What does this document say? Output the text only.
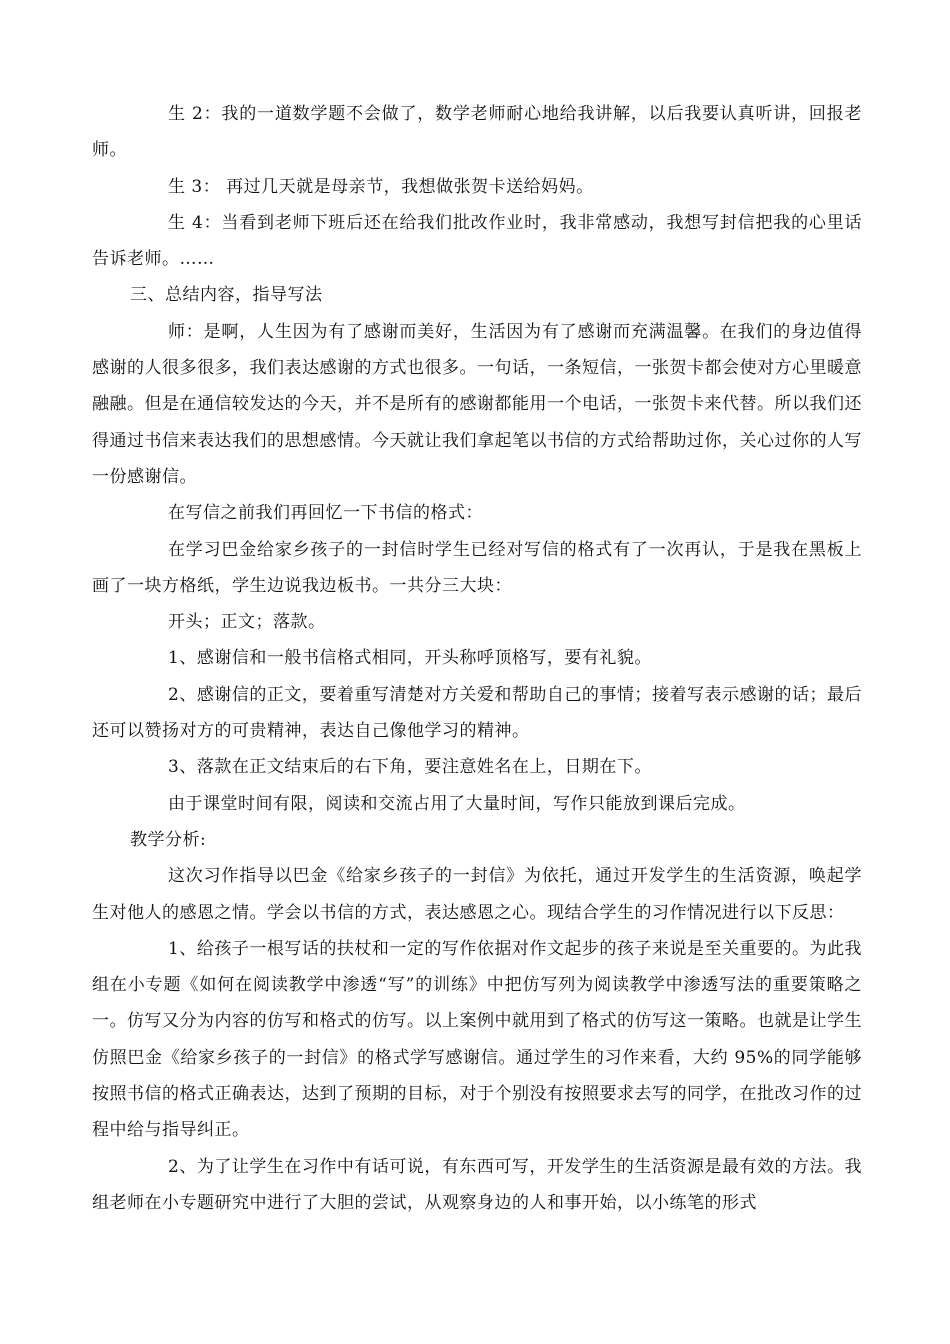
生 2：我的一道数学题不会做了，数学老师耐心地给我讲解，以后我要认真听讲，回报老师。

生 3： 再过几天就是母亲节，我想做张贺卡送给妈妈。

生 4：当看到老师下班后还在给我们批改作业时，我非常感动，我想写封信把我的心里话告诉老师。……

三、总结内容，指导写法

师：是啊，人生因为有了感谢而美好，生活因为有了感谢而充满温馨。在我们的身边值得感谢的人很多很多，我们表达感谢的方式也很多。一句话，一条短信，一张贺卡都会使对方心里暖意融融。但是在通信较发达的今天，并不是所有的感谢都能用一个电话，一张贺卡来代替。所以我们还得通过书信来表达我们的思想感情。今天就让我们拿起笔以书信的方式给帮助过你，关心过你的人写一份感谢信。

在写信之前我们再回忆一下书信的格式：

在学习巴金给家乡孩子的一封信时学生已经对写信的格式有了一次再认，于是我在黑板上画了一块方格纸，学生边说我边板书。一共分三大块：

开头；正文；落款。

1、感谢信和一般书信格式相同，开头称呼顶格写，要有礼貌。

2、感谢信的正文，要着重写清楚对方关爱和帮助自己的事情；接着写表示感谢的话；最后还可以赞扬对方的可贵精神，表达自己像他学习的精神。

3、落款在正文结束后的右下角，要注意姓名在上，日期在下。

由于课堂时间有限，阅读和交流占用了大量时间，写作只能放到课后完成。

教学分析:

这次习作指导以巴金《给家乡孩子的一封信》为依托，通过开发学生的生活资源，唤起学生对他人的感恩之情。学会以书信的方式，表达感恩之心。现结合学生的习作情况进行以下反思：

1、给孩子一根写话的扶杖和一定的写作依据对作文起步的孩子来说是至关重要的。为此我组在小专题《如何在阅读教学中渗透“写”的训练》中把仿写列为阅读教学中渗透写法的重要策略之一。仿写又分为内容的仿写和格式的仿写。以上案例中就用到了格式的仿写这一策略。也就是让学生仿照巴金《给家乡孩子的一封信》的格式学写感谢信。通过学生的习作来看，大约 95%的同学能够按照书信的格式正确表达，达到了预期的目标，对于个别没有按照要求去写的同学，在批改习作的过程中给与指导纠正。

2、为了让学生在习作中有话可说，有东西可写，开发学生的生活资源是最有效的方法。我组老师在小专题研究中进行了大胆的尝试，从观察身边的人和事开始，以小练笔的形式
